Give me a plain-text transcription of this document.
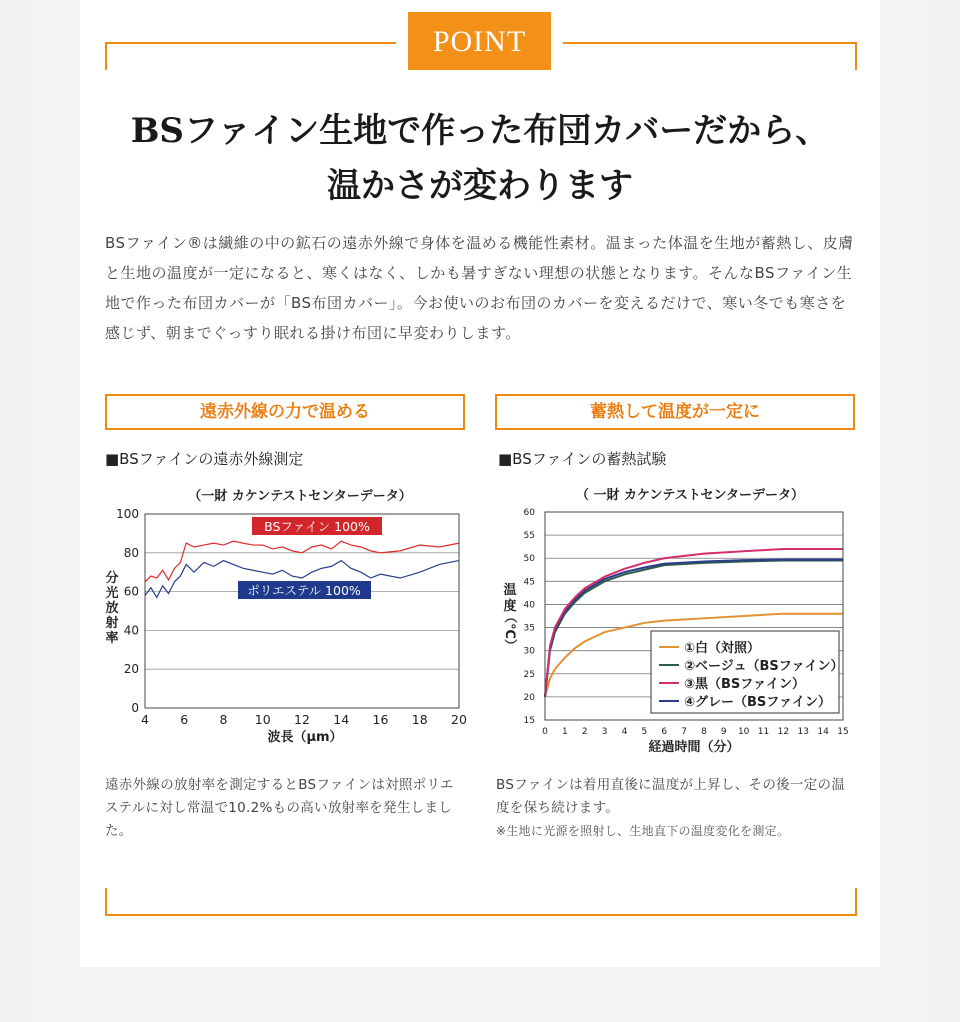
POINT
BSファイン生地で作った布団カバーだから、
温かさが変わります
BSファイン®は繊維の中の鉱石の遠赤外線で身体を温める機能性素材。温まった体温を生地が蓄熱し、皮膚と生地の温度が一定になると、寒くはなく、しかも暑すぎない理想の状態となります。そんなBSファイン生地で作った布団カバーが「BS布団カバー」。今お使いのお布団のカバーを変えるだけで、寒い冬でも寒さを感じず、朝までぐっすり眠れる掛け布団に早変わりします。
遠赤外線の力で温める	蓄熱して温度が一定に
■BSファインの遠赤外線測定	■BSファインの蓄熱試験
（一財 カケンテストセンターデータ）
0
20
40
60
80
100
4	6	8 10 12 14 16 18 20
BSファイン 100%
ポリエステル 100%
波長（μm）
分
光
放
射
率
（ 一財 カケンテストセンターデータ）
15
20
25
30
35
40
45
50
55
60
0 1 2 3 4 5 6 7 8 9 10 11 12 13 14 15
①白（対照）
②ベージュ（BSファイン）
③黒（BSファイン）
④グレー（BSファイン）
経過時間（分）
温
度
（℃）
遠赤外線の放射率を測定するとBSファインは対照ポリエステルに対し常温で10.2%もの高い放射率を発生しました。
BSファインは着用直後に温度が上昇し、その後一定の温度を保ち続けます。
※生地に光源を照射し、生地直下の温度変化を測定。
